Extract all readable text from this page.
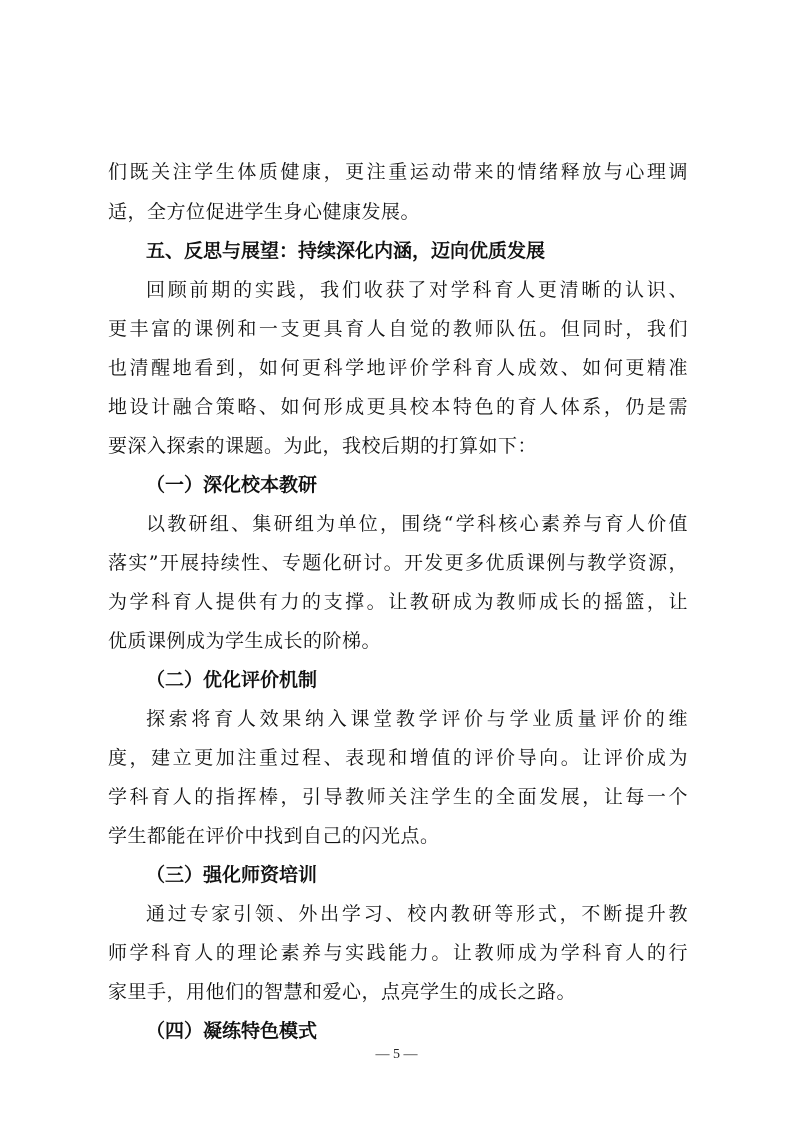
们既关注学生体质健康，更注重运动带来的情绪释放与心理调
适，全方位促进学生身心健康发展。
五、反思与展望：持续深化内涵，迈向优质发展
回顾前期的实践，我们收获了对学科育人更清晰的认识、
更丰富的课例和一支更具育人自觉的教师队伍。但同时，我们
也清醒地看到，如何更科学地评价学科育人成效、如何更精准
地设计融合策略、如何形成更具校本特色的育人体系，仍是需
要深入探索的课题。为此，我校后期的打算如下：
（一）深化校本教研
以教研组、集研组为单位，围绕“学科核心素养与育人价值
落实”开展持续性、专题化研讨。开发更多优质课例与教学资源，
为学科育人提供有力的支撑。让教研成为教师成长的摇篮，让
优质课例成为学生成长的阶梯。
（二）优化评价机制
探索将育人效果纳入课堂教学评价与学业质量评价的维
度，建立更加注重过程、表现和增值的评价导向。让评价成为
学科育人的指挥棒，引导教师关注学生的全面发展，让每一个
学生都能在评价中找到自己的闪光点。
（三）强化师资培训
通过专家引领、外出学习、校内教研等形式，不断提升教
师学科育人的理论素养与实践能力。让教师成为学科育人的行
家里手，用他们的智慧和爱心，点亮学生的成长之路。
（四）凝练特色模式
— 5 —
